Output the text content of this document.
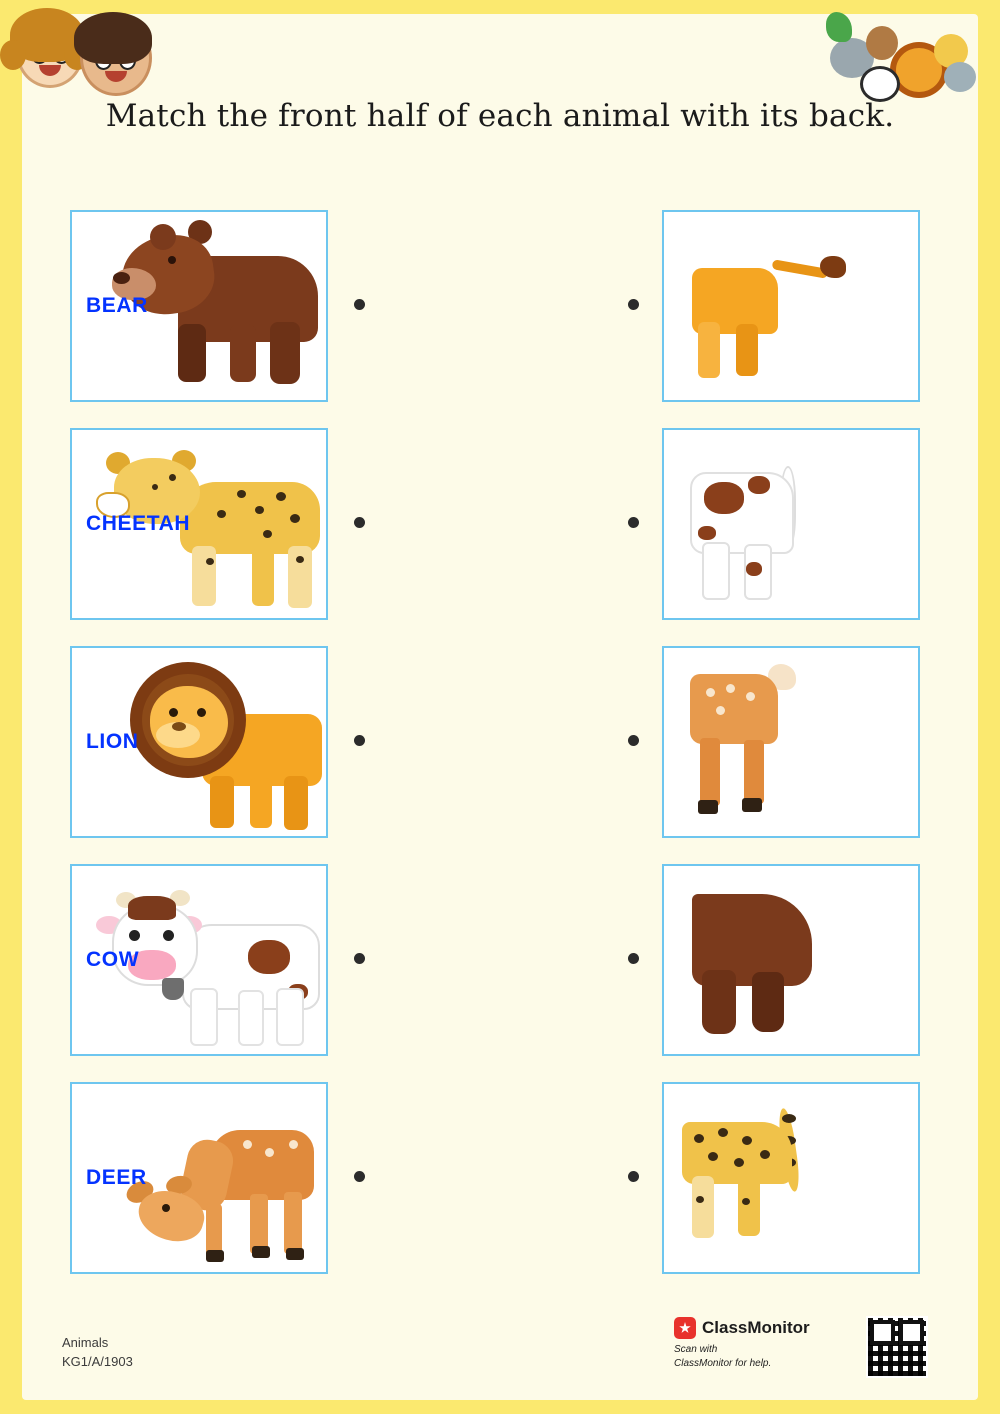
Match the front half of each animal with its back.
BEAR
CHEETAH
LION
COW
DEER
Animals
KG1/A/1903
ClassMonitor
Scan with
ClassMonitor for help.
